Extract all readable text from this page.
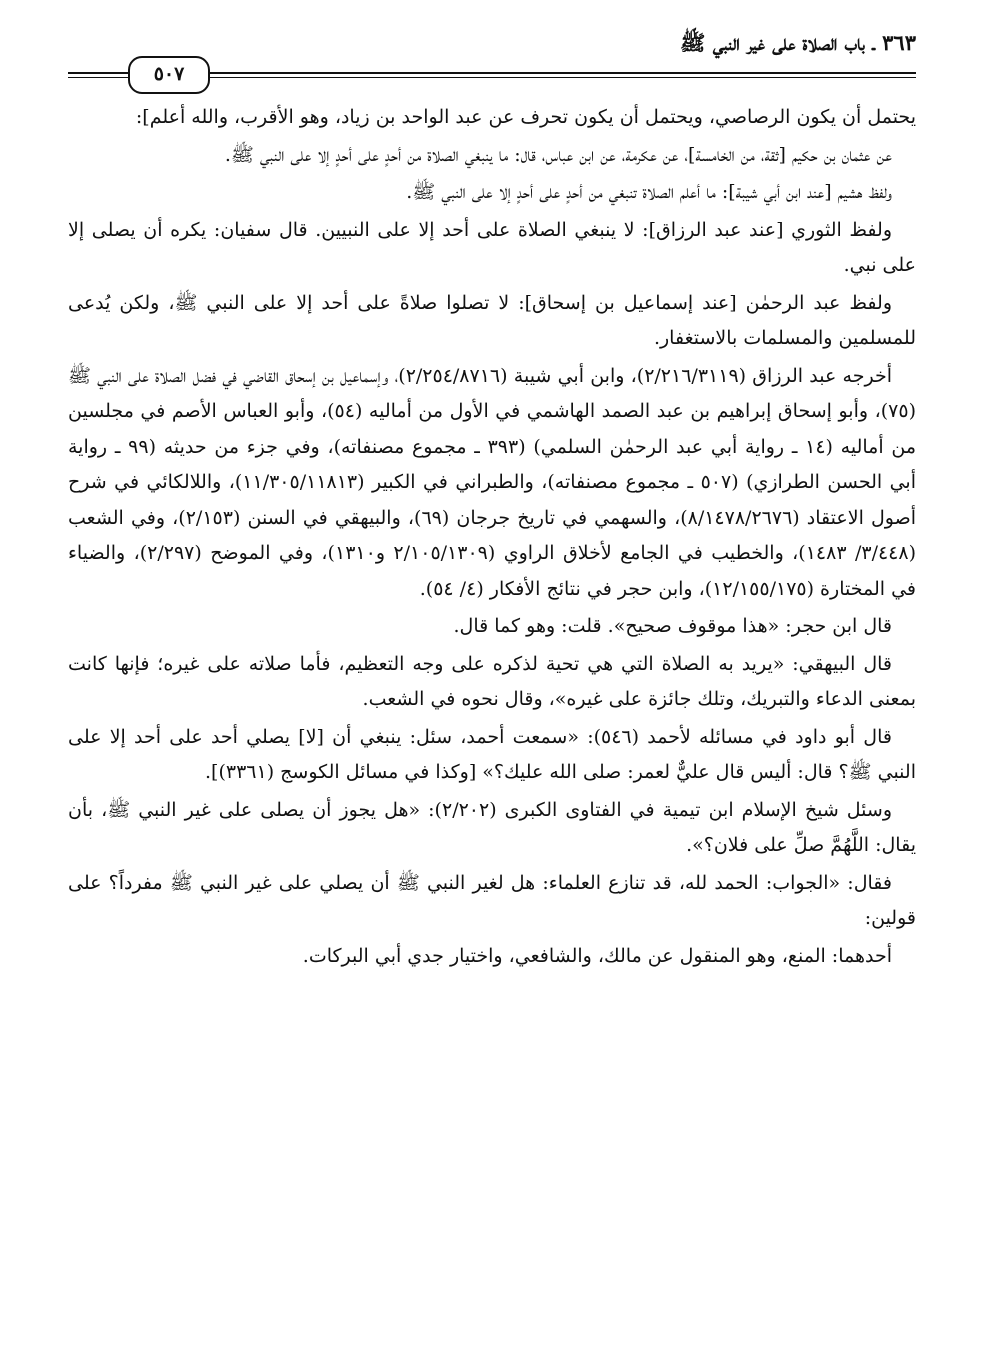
٣٦٣ ـ باب الصلاة على غير النبي ﷺ
٥٠٧

يحتمل أن يكون الرصاصي، ويحتمل أن يكون تحرف عن عبد الواحد بن زياد، وهو الأقرب، والله أعلم]:

عن عثمان بن حكيم [ثقة، من الخامسة]، عن عكرمة، عن ابن عباس، قال: ما ينبغي الصلاة من أحدٍ على أحدٍ إلا على النبي ﷺ.

ولفظ هشيم [عند ابن أبي شيبة]: ما أعلم الصلاة تنبغي من أحدٍ على أحدٍ إلا على النبي ﷺ.

ولفظ الثوري [عند عبد الرزاق]: لا ينبغي الصلاة على أحد إلا على النبيين. قال سفيان: يكره أن يصلى إلا على نبي.

ولفظ عبد الرحمٰن [عند إسماعيل بن إسحاق]: لا تصلوا صلاةً على أحد إلا على النبي ﷺ، ولكن يُدعى للمسلمين والمسلمات بالاستغفار.

أخرجه عبد الرزاق (٢/٢١٦/٣١١٩)، وابن أبي شيبة (٢/٢٥٤/٨٧١٦)، وإسماعيل بن إسحاق القاضي في فضل الصلاة على النبي ﷺ (٧٥)، وأبو إسحاق إبراهيم بن عبد الصمد الهاشمي في الأول من أماليه (٥٤)، وأبو العباس الأصم في مجلسين من أماليه (١٤ ـ رواية أبي عبد الرحمٰن السلمي) (٣٩٣ ـ مجموع مصنفاته)، وفي جزء من حديثه (٩٩ ـ رواية أبي الحسن الطرازي) (٥٠٧ ـ مجموع مصنفاته)، والطبراني في الكبير (١١/٣٠٥/١١٨١٣)، واللالكائي في شرح أصول الاعتقاد (٨/١٤٧٨/٢٦٧٦)، والسهمي في تاريخ جرجان (٦٩)، والبيهقي في السنن (٢/١٥٣)، وفي الشعب (٣/٤٤٨/ ١٤٨٣)، والخطيب في الجامع لأخلاق الراوي (٢/١٠٥/١٣٠٩ و١٣١٠)، وفي الموضح (٢/٢٩٧)، والضياء في المختارة (١٢/١٥٥/١٧٥)، وابن حجر في نتائج الأفكار (٤/ ٥٤).

قال ابن حجر: «هذا موقوف صحيح». قلت: وهو كما قال.

قال البيهقي: «يريد به الصلاة التي هي تحية لذكره على وجه التعظيم، فأما صلاته على غيره؛ فإنها كانت بمعنى الدعاء والتبريك، وتلك جائزة على غيره»، وقال نحوه في الشعب.

قال أبو داود في مسائله لأحمد (٥٤٦): «سمعت أحمد، سئل: ينبغي أن [لا] يصلي أحد على أحد إلا على النبي ﷺ؟ قال: أليس قال عليٌّ لعمر: صلى الله عليك؟» [وكذا في مسائل الكوسج (٣٣٦١)].

وسئل شيخ الإسلام ابن تيمية في الفتاوى الكبرى (٢/٢٠٢): «هل يجوز أن يصلى على غير النبي ﷺ، بأن يقال: اللَّهُمَّ صلِّ على فلان؟».

فقال: «الجواب: الحمد لله، قد تنازع العلماء: هل لغير النبي ﷺ أن يصلي على غير النبي ﷺ مفرداً؟ على قولين:

أحدهما: المنع، وهو المنقول عن مالك، والشافعي، واختيار جدي أبي البركات.
